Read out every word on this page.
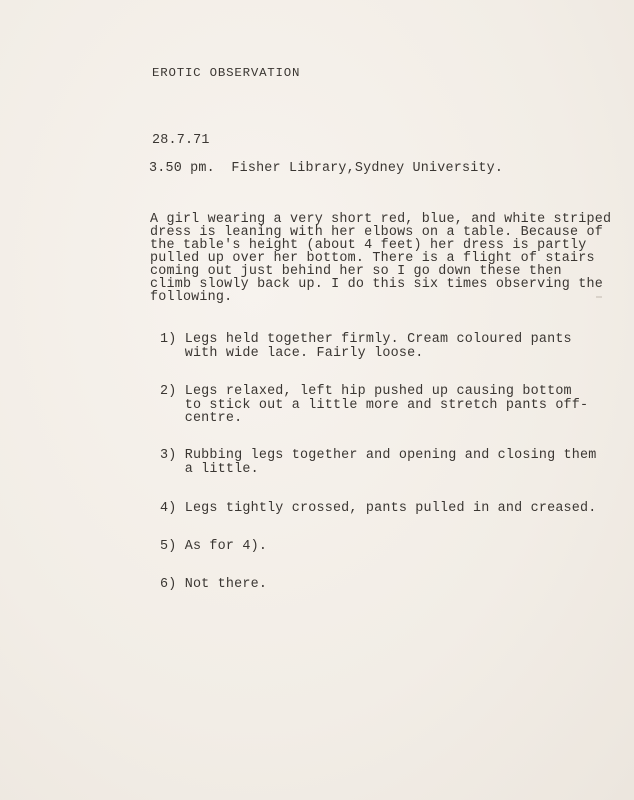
EROTIC OBSERVATION
28.7.71
3.50 pm.  Fisher Library,Sydney University.
A girl wearing a very short red, blue, and white striped
dress is leaning with her elbows on a table. Because of
the table's height (about 4 feet) her dress is partly
pulled up over her bottom. There is a flight of stairs
coming out just behind her so I go down these then
climb slowly back up. I do this six times observing the
following.
1) Legs held together firmly. Cream coloured pants
with wide lace. Fairly loose.
2) Legs relaxed, left hip pushed up causing bottom
to stick out a little more and stretch pants off-
centre.
3) Rubbing legs together and opening and closing them
a little.
4) Legs tightly crossed, pants pulled in and creased.
5) As for 4).
6) Not there.
